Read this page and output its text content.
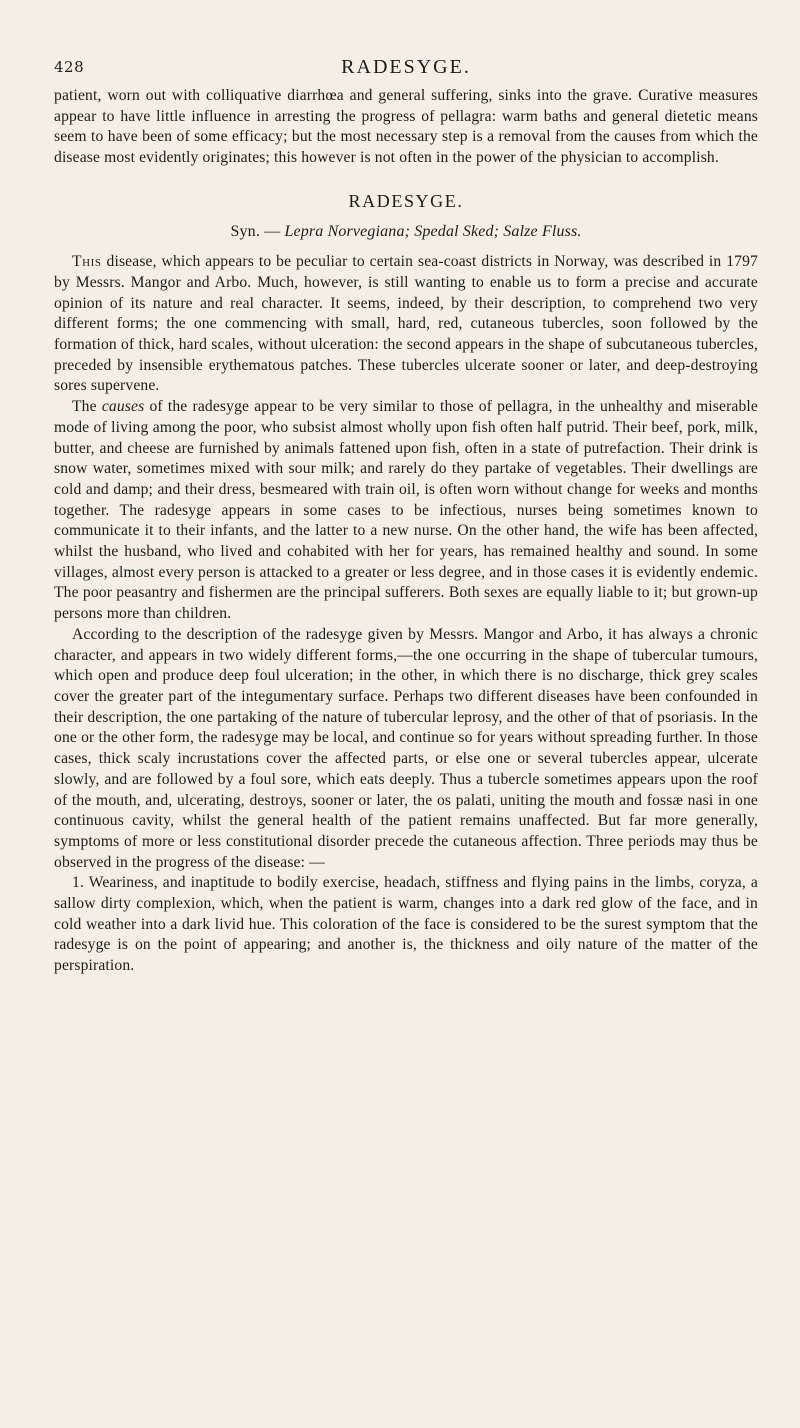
428	RADESYGE.

patient, worn out with colliquative diarrhœa and general suffering, sinks into the grave. Curative measures appear to have little influence in arresting the progress of pellagra: warm baths and general dietetic means seem to have been of some efficacy; but the most necessary step is a removal from the causes from which the disease most evidently originates; this however is not often in the power of the physician to accomplish.

RADESYGE.
Syn. — Lepra Norvegiana; Spedal Sked; Salze Fluss.

This disease, which appears to be peculiar to certain sea-coast districts in Norway, was described in 1797 by Messrs. Mangor and Arbo. Much, however, is still wanting to enable us to form a precise and accurate opinion of its nature and real character. It seems, indeed, by their description, to comprehend two very different forms; the one commencing with small, hard, red, cutaneous tubercles, soon followed by the formation of thick, hard scales, without ulceration: the second appears in the shape of subcutaneous tubercles, preceded by insensible erythematous patches. These tubercles ulcerate sooner or later, and deep-destroying sores supervene.

The causes of the radesyge appear to be very similar to those of pellagra, in the unhealthy and miserable mode of living among the poor, who subsist almost wholly upon fish often half putrid. Their beef, pork, milk, butter, and cheese are furnished by animals fattened upon fish, often in a state of putrefaction. Their drink is snow water, sometimes mixed with sour milk; and rarely do they partake of vegetables. Their dwellings are cold and damp; and their dress, besmeared with train oil, is often worn without change for weeks and months together. The radesyge appears in some cases to be infectious, nurses being sometimes known to communicate it to their infants, and the latter to a new nurse. On the other hand, the wife has been affected, whilst the husband, who lived and cohabited with her for years, has remained healthy and sound. In some villages, almost every person is attacked to a greater or less degree, and in those cases it is evidently endemic. The poor peasantry and fishermen are the principal sufferers. Both sexes are equally liable to it; but grown-up persons more than children.

According to the description of the radesyge given by Messrs. Mangor and Arbo, it has always a chronic character, and appears in two widely different forms,—the one occurring in the shape of tubercular tumours, which open and produce deep foul ulceration; in the other, in which there is no discharge, thick grey scales cover the greater part of the integumentary surface. Perhaps two different diseases have been confounded in their description, the one partaking of the nature of tubercular leprosy, and the other of that of psoriasis. In the one or the other form, the radesyge may be local, and continue so for years without spreading further. In those cases, thick scaly incrustations cover the affected parts, or else one or several tubercles appear, ulcerate slowly, and are followed by a foul sore, which eats deeply. Thus a tubercle sometimes appears upon the roof of the mouth, and, ulcerating, destroys, sooner or later, the os palati, uniting the mouth and fossæ nasi in one continuous cavity, whilst the general health of the patient remains unaffected. But far more generally, symptoms of more or less constitutional disorder precede the cutaneous affection. Three periods may thus be observed in the progress of the disease: —

1. Weariness, and inaptitude to bodily exercise, headach, stiffness and flying pains in the limbs, coryza, a sallow dirty complexion, which, when the patient is warm, changes into a dark red glow of the face, and in cold weather into a dark livid hue. This coloration of the face is considered to be the surest symptom that the radesyge is on the point of appearing; and another is, the thickness and oily nature of the matter of the perspiration.
